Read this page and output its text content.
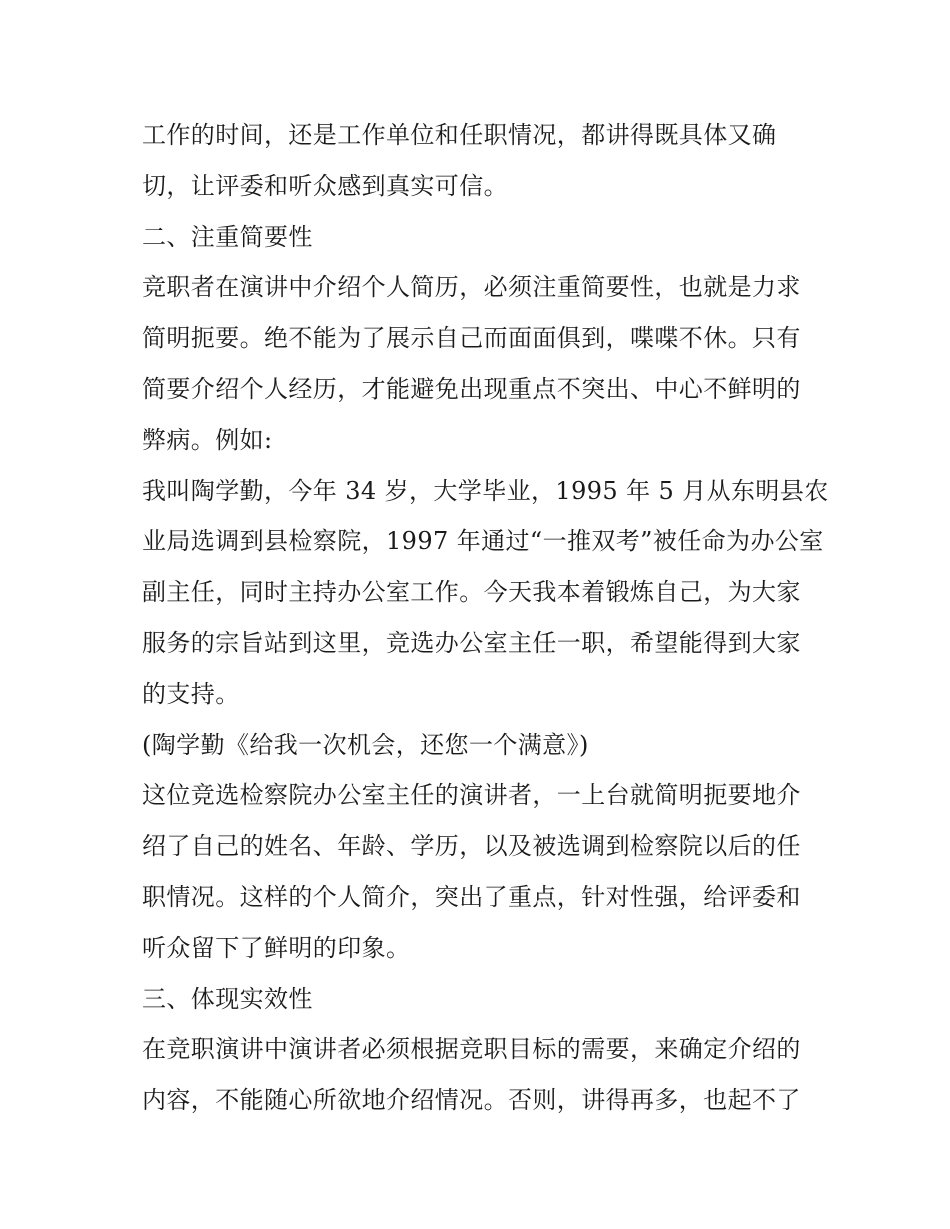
工作的时间，还是工作单位和任职情况，都讲得既具体又确
切，让评委和听众感到真实可信。
二、注重简要性
竞职者在演讲中介绍个人简历，必须注重简要性，也就是力求
简明扼要。绝不能为了展示自己而面面俱到，喋喋不休。只有
简要介绍个人经历，才能避免出现重点不突出、中心不鲜明的
弊病。例如:
我叫陶学勤，今年 34 岁，大学毕业，1995 年 5 月从东明县农
业局选调到县检察院，1997 年通过“一推双考”被任命为办公室
副主任，同时主持办公室工作。今天我本着锻炼自己，为大家
服务的宗旨站到这里，竞选办公室主任一职，希望能得到大家
的支持。
(陶学勤《给我一次机会，还您一个满意》)
这位竞选检察院办公室主任的演讲者，一上台就简明扼要地介
绍了自己的姓名、年龄、学历，以及被选调到检察院以后的任
职情况。这样的个人简介，突出了重点，针对性强，给评委和
听众留下了鲜明的印象。
三、体现实效性
在竞职演讲中演讲者必须根据竞职目标的需要，来确定介绍的
内容，不能随心所欲地介绍情况。否则，讲得再多，也起不了
